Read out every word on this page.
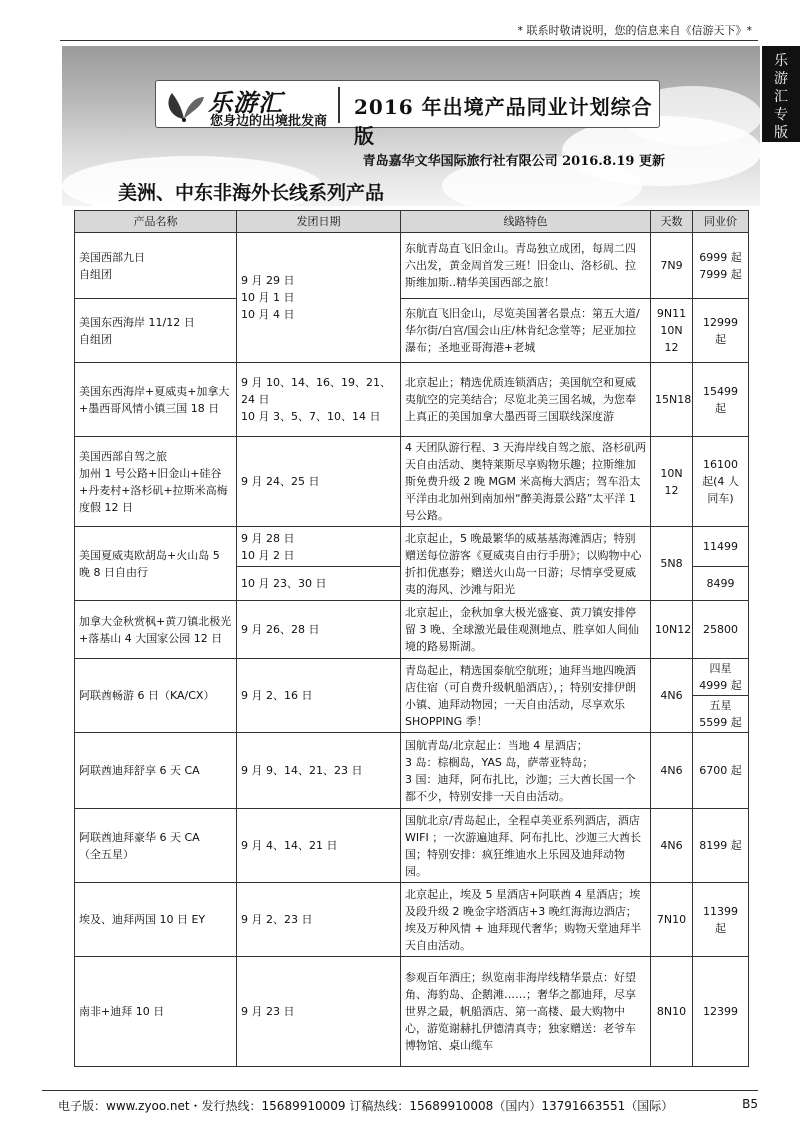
* 联系时敬请说明，您的信息来自《信游天下》*
乐游汇专版
乐游汇
您身边的出境批发商
2016 年出境产品同业计划综合版
青岛嘉华文华国际旅行社有限公司 2016.8.19 更新
美洲、中东非海外长线系列产品
产品名称	发团日期	线路特色	天数	同业价
美国西部九日
自组团	9 月 29 日
10 月 1 日
10 月 4 日	东航青岛直飞旧金山。青岛独立成团，每周二四六出发，黄金周首发三班！旧金山、洛杉矶、拉斯维加斯..精华美国西部之旅！	7N9	6999 起
7999 起
美国东西海岸 11/12 日
自组团		东航直飞旧金山，尽览美国著名景点：第五大道/华尔街/白宫/国会山庄/林肯纪念堂等；尼亚加拉瀑布；圣地亚哥海港+老城	9N11
10N
12	12999
起
美国东西海岸+夏威夷+加拿大+墨西哥风情小镇三国 18 日	9 月 10、14、16、19、21、24 日
10 月 3、5、7、10、14 日	北京起止；精选优质连锁酒店；美国航空和夏威夷航空的完美结合；尽览北美三国名城，为您奉上真正的美国加拿大墨西哥三国联线深度游	15N18	15499
起
美国西部自驾之旅
加州 1 号公路+旧金山+硅谷+丹麦村+洛杉矶+拉斯米高梅度假 12 日	9 月 24、25 日	4 天团队游行程、3 天海岸线自驾之旅、洛杉矶两天自由活动、奥特莱斯尽享购物乐趣；拉斯维加斯免费升级 2 晚 MGM 米高梅大酒店；驾车沿太平洋由北加州到南加州“醉美海景公路”太平洋 1 号公路。	10N
12	16100
起(4 人
同车)
美国夏威夷欧胡岛+火山岛 5 晚 8 日自由行	9 月 28 日
10 月 2 日	北京起止，5 晚最繁华的威基基海滩酒店；特别赠送每位游客《夏威夷自由行手册》；以购物中心折扣优惠券；赠送火山岛一日游；尽情享受夏威夷的海风、沙滩与阳光	5N8	11499
	10 月 23、30 日			8499
加拿大金秋赏枫+黄刀镇北极光+落基山 4 大国家公园 12 日	9 月 26、28 日	北京起止，金秋加拿大极光盛宴、黄刀镇安排停留 3 晚、全球激光最佳观测地点、胜享如人间仙境的路易斯湖。	10N12	25800
阿联酋畅游 6 日（KA/CX）	9 月 2、16 日	青岛起止，精选国泰航空航班；迪拜当地四晚酒店住宿（可自费升级帆船酒店），；特别安排伊朗小镇、迪拜动物园；一天自由活动，尽享欢乐 SHOPPING 季！	4N6	四星
4999 起
				五星
5599 起
阿联酋迪拜舒享 6 天 CA	9 月 9、14、21、23 日	国航青岛/北京起止：当地 4 星酒店；
3 岛：棕榈岛，YAS 岛，萨蒂亚特岛；
3 国：迪拜，阿布扎比，沙迦；三大酋长国一个都不少，特别安排一天自由活动。	4N6	6700 起
阿联酋迪拜豪华 6 天 CA
（全五星）	9 月 4、14、21 日	国航北京/青岛起止，全程卓美亚系列酒店，酒店 WIFI ；一次游遍迪拜、阿布扎比、沙迦三大酋长国；特别安排：疯狂维迪水上乐园及迪拜动物园。	4N6	8199 起
埃及、迪拜两国 10 日 EY	9 月 2、23 日	北京起止，埃及 5 星酒店+阿联酋 4 星酒店；埃及段升级 2 晚金字塔酒店+3 晚红海海边酒店；埃及万种风情 + 迪拜现代奢华；购物天堂迪拜半天自由活动。	7N10	11399
起
南非+迪拜 10 日	9 月 23 日	参观百年酒庄；纵览南非海岸线精华景点：好望角、海豹岛、企鹅滩……；奢华之都迪拜，尽享世界之最，帆船酒店、第一高楼、最大购物中心，游览谢赫扎伊德清真寺；独家赠送：老爷车博物馆、桌山缆车	8N10	12399
电子版：www.zyoo.net・发行热线：15689910009 订稿热线：15689910008（国内）13791663551（国际）	B5
